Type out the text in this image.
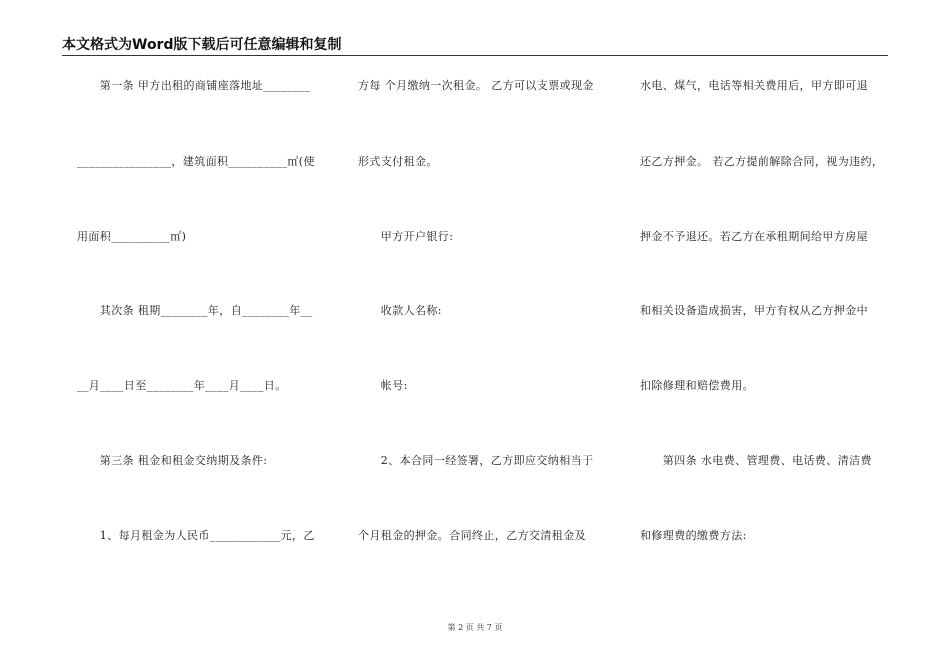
本文格式为Word版下载后可任意编辑和复制
　　第一条 甲方出租的商铺座落地址________
________________，建筑面积__________㎡(使
用面积__________㎡)
　　其次条 租期________年，自________年__
__月____日至________年____月____日。
　　第三条 租金和租金交纳期及条件:
　　1、每月租金为人民币____________元，乙
方每 个月缴纳一次租金。 乙方可以支票或现金
形式支付租金。
　　甲方开户银行:
　　收款人名称:
　　帐号:
　　2、本合同一经签署，乙方即应交纳相当于
个月租金的押金。合同终止，乙方交清租金及
水电、煤气，电话等相关费用后，甲方即可退
还乙方押金。 若乙方提前解除合同，视为违约，
押金不予退还。若乙方在承租期间给甲方房屋
和相关设备造成损害，甲方有权从乙方押金中
扣除修理和赔偿费用。
　　第四条 水电费、管理费、电话费、清洁费
和修理费的缴费方法:
第 2 页 共 7 页
